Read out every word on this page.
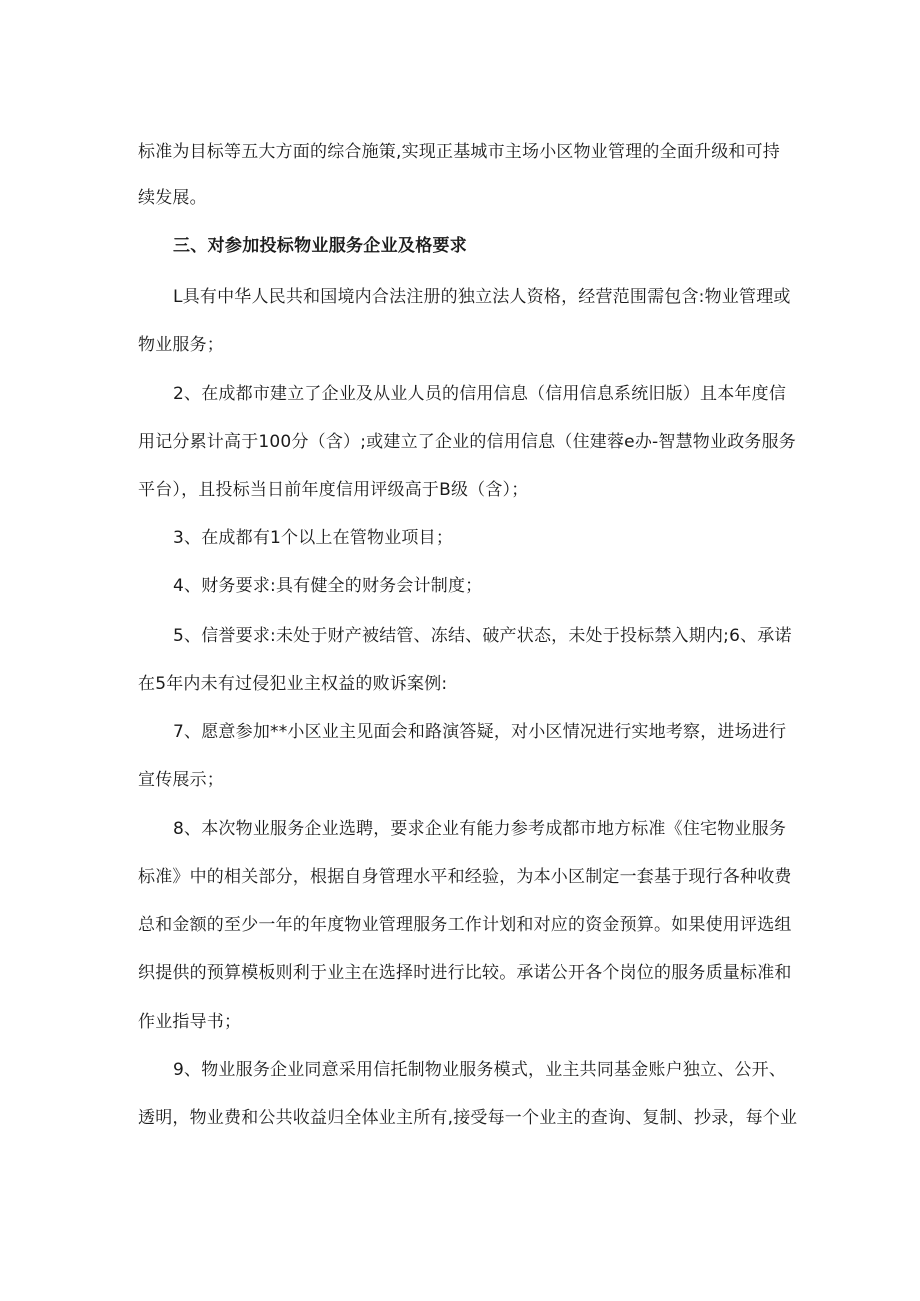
标准为目标等五大方面的综合施策,实现正基城市主场小区物业管理的全面升级和可持
续发展。
三、对参加投标物业服务企业及格要求
L具有中华人民共和国境内合法注册的独立法人资格，经营范围需包含:物业管理或
物业服务；
2、在成都市建立了企业及从业人员的信用信息（信用信息系统旧版）且本年度信
用记分累计高于100分（含）;或建立了企业的信用信息（住建蓉e办-智慧物业政务服务
平台），且投标当日前年度信用评级高于B级（含）；
3、在成都有1个以上在管物业项目；
4、财务要求:具有健全的财务会计制度；
5、信誉要求:未处于财产被结管、冻结、破产状态，未处于投标禁入期内;6、承诺
在5年内未有过侵犯业主权益的败诉案例:
7、愿意参加**小区业主见面会和路演答疑，对小区情况进行实地考察，进场进行
宣传展示；
8、本次物业服务企业选聘，要求企业有能力参考成都市地方标准《住宅物业服务
标准》中的相关部分，根据自身管理水平和经验，为本小区制定一套基于现行各种收费
总和金额的至少一年的年度物业管理服务工作计划和对应的资金预算。如果使用评选组
织提供的预算模板则利于业主在选择时进行比较。承诺公开各个岗位的服务质量标准和
作业指导书；
9、物业服务企业同意采用信托制物业服务模式，业主共同基金账户独立、公开、
透明，物业费和公共收益归全体业主所有,接受每一个业主的查询、复制、抄录，每个业
